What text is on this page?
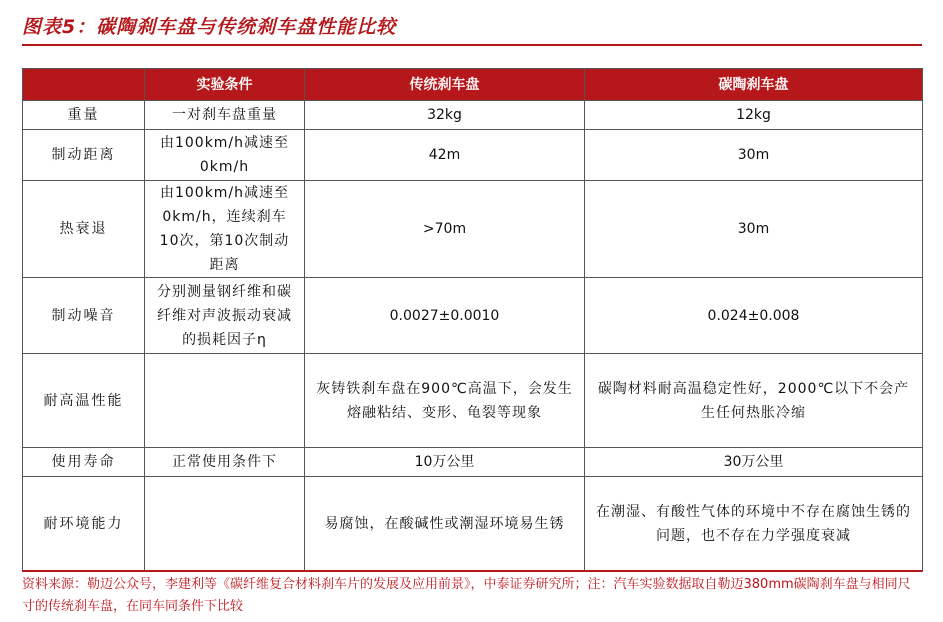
图表5：碳陶刹车盘与传统刹车盘性能比较
	实验条件	传统刹车盘	碳陶刹车盘
重量	一对刹车盘重量	32kg	12kg
制动距离	由100km/h减速至0km/h	42m	30m
热衰退	由100km/h减速至0km/h，连续刹车10次，第10次制动距离	>70m	30m
制动噪音	分别测量钢纤维和碳纤维对声波振动衰减的损耗因子η	0.0027±0.0010	0.024±0.008
耐高温性能		灰铸铁刹车盘在900℃高温下，会发生熔融粘结、变形、龟裂等现象	碳陶材料耐高温稳定性好，2000℃以下不会产生任何热胀冷缩
使用寿命	正常使用条件下	10万公里	30万公里
耐环境能力		易腐蚀，在酸碱性或潮湿环境易生锈	在潮湿、有酸性气体的环境中不存在腐蚀生锈的问题，也不存在力学强度衰减
资料来源：勒迈公众号，李建利等《碳纤维复合材料刹车片的发展及应用前景》，中泰证券研究所；注：汽车实验数据取自勒迈380mm碳陶刹车盘与相同尺寸的传统刹车盘，在同车同条件下比较
